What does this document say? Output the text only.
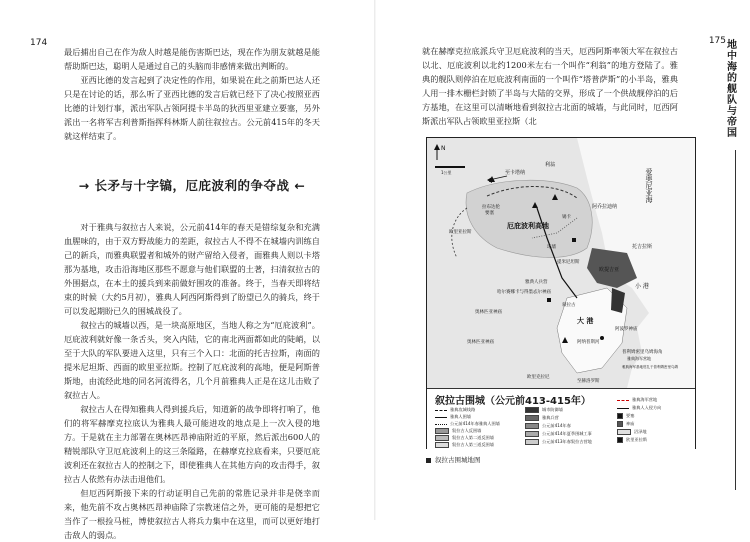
174

最后捕出自己在作为敌人时越是能伤害斯巴达，现在作为朋友就越是能帮助斯巴达，聪明人是通过自己的头脑而非感情来做出判断的。

亚西比德的发言起到了决定性的作用，如果说在此之前斯巴达人还只是在讨论的话，那么听了亚西比德的发言后就已经下了决心按照亚西比德的计划行事，派出军队占领阿提卡半岛的狄西里亚建立要塞，另外派出一名将军吉利普斯指挥科林斯人前往叙拉古。公元前415年的冬天就这样结束了。

→ 长矛与十字镐，厄庇波利的争夺战 ←

对于雅典与叙拉古人来说，公元前414年的春天是错综复杂和充满血腥味的，由于双方野战能力的差距，叙拉古人不得不在城墙内训练自己的新兵，而雅典联盟者和城外的财产留给入侵者，面雅典人则以卡塔那为基地，攻击沿海地区那些不愿意与他们联盟的土著，扫清叙拉古的外围据点，在本土的援兵到来前做好围攻的准备。终于，当春天即将结束的时候（大约5月初），雅典人阿西阿斯得到了盼望已久的骑兵，终于可以发起期盼已久的围城战役了。

叙拉古的城墙以西，是一块高原地区，当地人称之为“厄庇波利”。厄庇波利就好像一条舌头，突入内陆，它的南北两面都如此的陡峭，以至于大队的军队要进入这里，只有三个入口：北面的托吉拉斯，南面的提米尼坦斯、西面的欧里亚拉斯。控制了厄庇波利的高地，便是阿斯普斯地，由流经此地的同名河流得名，几个月前雅典人正是在这儿击败了叙拉古人。

叙拉古人在得知雅典人得到援兵后，知道新的战争即将打响了，他们的将军赫摩克拉底认为雅典人最可能进攻的地点是上一次入侵的地方。于是就在主力部署在奥林匹昂神庙附近的平原，然后派出600人的精锐部队守卫厄庇波利上的这三条隘路，在赫摩克拉底看来，只要厄庇波利还在叙拉古人的控制之下，即使雅典人在其他方向的攻击得手，叙拉古人依然有办法击退他们。

但厄西阿斯接下来的行动证明自己先前的常胜记录并非是侥幸而来，他先前不攻占奥林匹昂神庙除了宗教迷信之外，更可能的是想把它当作了一根捡马桩，博使叙拉古人将兵力集中在这里，而可以更好地打击敌人的弱点。

175 地中海的舰队与帝国

就在赫摩克拉底派兵守卫厄庇波利的当天，厄西阿斯率领大军在叙拉古以北、厄庇波利以北约1200米左右一个叫作“利翁”的地方登陆了。雅典的舰队则停泊在厄庇波利南面的一个叫作“塔普萨斯”的小半岛，雅典人用一排木栅栏封锁了半岛与大陆的交界，形成了一个供战舰停泊的后方基地，在这里可以清晰地看到叙拉古北面的城墙，与此同时，厄西阿斯派出军队占领欧里亚拉斯（北

N
1公里	至卡塔纳
利翁
拉布达伦
要塞
厄庇波利高地
欧里亚拉斯
环墙
阿乔拉迪纳
托吉拉斯
爱奥尼亚海
锡卡
提米尼坦斯
欧提吉亚
雅典人兵营
阿波罗神庙
阿纳普斯河
奥林匹亚神庙
叙拉古
大 港
小 港
普利姆密里乌姆海角
雅典海军营地
哈尔赛娜卡与得墨忒尔神庙
至赫洛罗斯
奥林匹亚神庙
欧里克拉尼
雅典海军基地驻扎于普利姆密里乌姆
叙拉古围城（公元前413-415年）
雅典攻城线路
雅典人围墙
公元前414年春雅典人围墙
叙拉古人反围墙
叙拉古人第二道反围墙
叙拉古人第三道反围墙
城市防御墙
雅典兵营
公元前414年春
公元前414年夏季围城工事
公元前413年春叙拉古营地
雅典海军营地
雅典人入侵方向
要塞
神庙
沼泽地
欧里亚拉斯
叙拉古围城地图
